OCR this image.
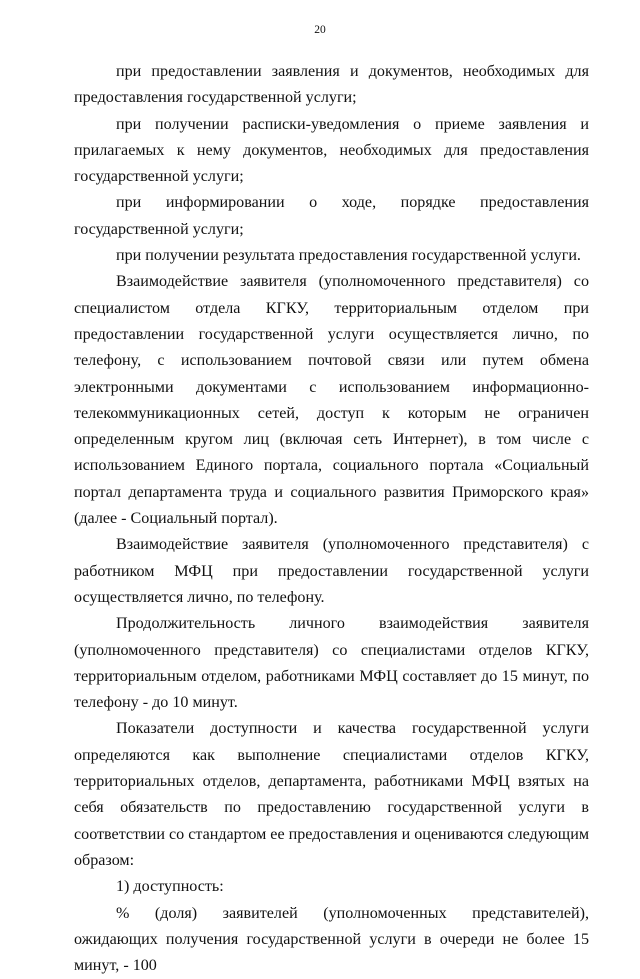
20

при предоставлении заявления и документов, необходимых для предоставления государственной услуги;

при получении расписки-уведомления о приеме заявления и прилагаемых к нему документов, необходимых для предоставления государственной услуги;

при информировании о ходе, порядке предоставления государственной услуги;

при получении результата предоставления государственной услуги.

Взаимодействие заявителя (уполномоченного представителя) со специалистом отдела КГКУ, территориальным отделом при предоставлении государственной услуги осуществляется лично, по телефону, с использованием почтовой связи или путем обмена электронными документами с использованием информационно-телекоммуникационных сетей, доступ к которым не ограничен определенным кругом лиц (включая сеть Интернет), в том числе с использованием Единого портала, социального портала «Социальный портал департамента труда и социального развития Приморского края» (далее - Социальный портал).

Взаимодействие заявителя (уполномоченного представителя) с работником МФЦ при предоставлении государственной услуги осуществляется лично, по телефону.

Продолжительность личного взаимодействия заявителя (уполномоченного представителя) со специалистами отделов КГКУ, территориальным отделом, работниками МФЦ составляет до 15 минут, по телефону - до 10 минут.

Показатели доступности и качества государственной услуги определяются как выполнение специалистами отделов КГКУ, территориальных отделов, департамента, работниками МФЦ взятых на себя обязательств по предоставлению государственной услуги в соответствии со стандартом ее предоставления и оцениваются следующим образом:

1) доступность:

% (доля) заявителей (уполномоченных представителей), ожидающих получения государственной услуги в очереди не более 15 минут, - 100
